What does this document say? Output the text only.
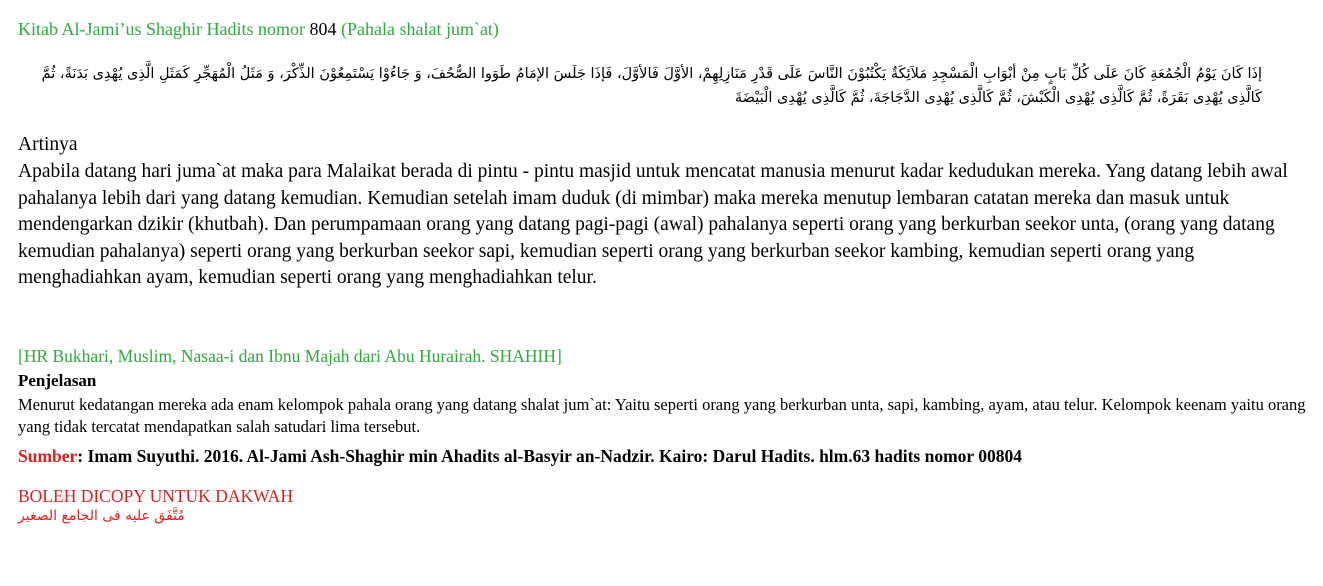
Kitab Al-Jami’us Shaghir Hadits nomor 804 (Pahala shalat jum`at)
إذَا كَانَ يَوْمُ الْجُمُعَةِ كَانَ عَلَى كُلِّ بَابٍ مِنْ أبْوَابِ الْمَسْجِدِ مَلاَئِكَةٌ يَكْتُبُوْنَ النَّاسَ عَلَى قَدْرِ مَنَازِلِهِمْ، الأوَّلَ فَالأوَّلَ، فَإذَا جَلَسَ الإمَامُ طَوَوا الصُّحُفَ، وَ جَاءُوْا يَسْتَمِعُوْنَ الذِّكْرَ، وَ مَثَلُ الْمُهَجِّرِ كَمَثَلِ الَّذِى يُهْدِى بَدَنَةً، ثُمَّ كَالَّذِى يُهْدِى بَقَرَةً، ثُمَّ كَالَّذِى يُهْدِى الْكَبْشَ، ثُمَّ كَالَّذِى يُهْدِى الدَّجَاجَةَ، ثُمَّ كَالَّذِى يُهْدِى الْبَيْضَةَ
Artinya
Apabila datang hari juma`at maka para Malaikat berada di pintu - pintu masjid untuk mencatat manusia menurut kadar kedudukan mereka. Yang datang lebih awal pahalanya lebih dari yang datang kemudian. Kemudian setelah imam duduk (di mimbar) maka mereka menutup lembaran catatan mereka dan masuk untuk mendengarkan dzikir (khutbah). Dan perumpamaan orang yang datang pagi-pagi (awal) pahalanya seperti orang yang berkurban seekor unta, (orang yang datang kemudian pahalanya) seperti orang yang berkurban seekor sapi, kemudian seperti orang yang berkurban seekor kambing, kemudian seperti orang yang menghadiahkan ayam, kemudian seperti orang yang menghadiahkan telur.
[HR Bukhari, Muslim, Nasaa-i dan Ibnu Majah dari Abu Hurairah. SHAHIH]
Penjelasan
Menurut kedatangan mereka ada enam kelompok pahala orang yang datang shalat jum`at: Yaitu seperti orang yang berkurban unta, sapi, kambing, ayam, atau telur. Kelompok keenam yaitu orang yang tidak tercatat mendapatkan salah satudari lima tersebut.
Sumber: Imam Suyuthi. 2016. Al-Jami Ash-Shaghir min Ahadits al-Basyir an-Nadzir. Kairo: Darul Hadits. hlm.63 hadits nomor 00804
BOLEH DICOPY UNTUK DAKWAH
مُتَّفَق عليه فى الجامع الصغير
